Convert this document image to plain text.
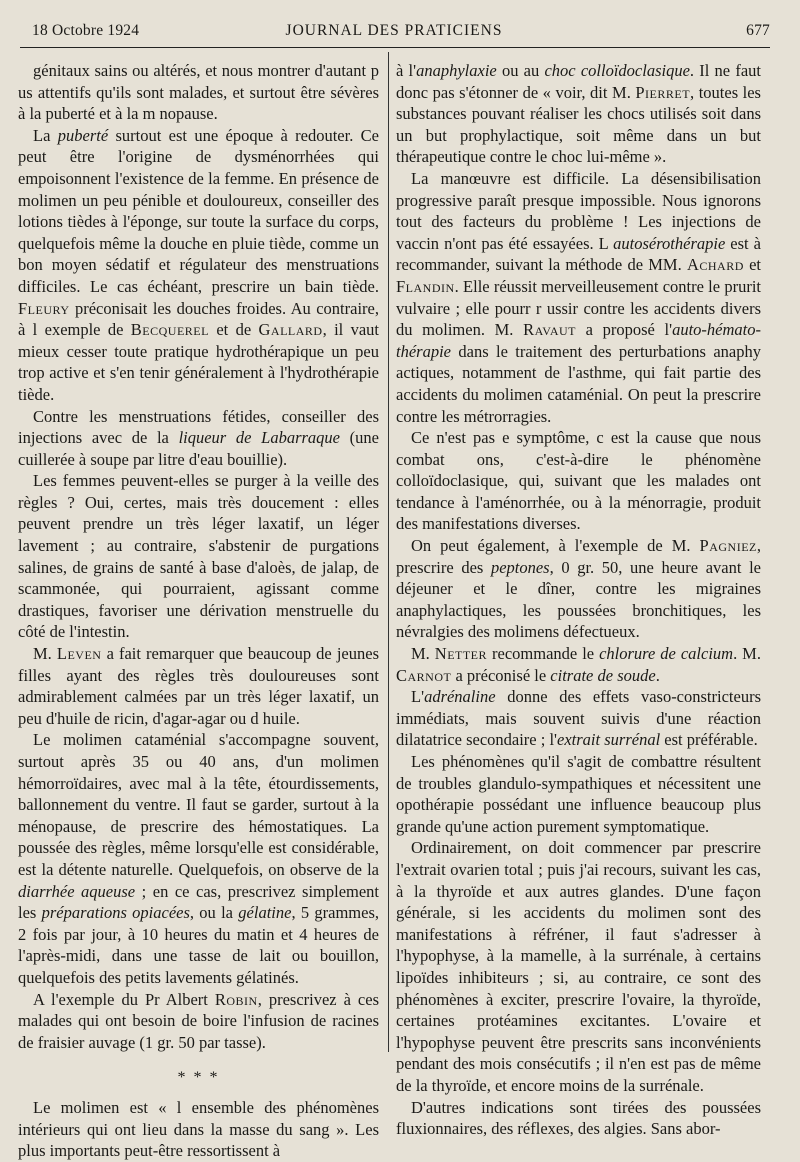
18 Octobre 1924	JOURNAL DES PRATICIENS	677

génitaux sains ou altérés, et nous montrer d'autant p us attentifs qu'ils sont malades, et surtout être sévères à la puberté et à la m nopause.

La puberté surtout est une époque à redouter. Ce peut être l'origine de dysménorrhées qui empoisonnent l'existence de la femme. En présence de molimen un peu pénible et douloureux, conseiller des lotions tièdes à l'éponge, sur toute la surface du corps, quelquefois même la douche en pluie tiède, comme un bon moyen sédatif et régulateur des menstruations difficiles. Le cas échéant, prescrire un bain tiède. Fleury préconisait les douches froides. Au contraire, à l exemple de Becquerel et de Gallard, il vaut mieux cesser toute pratique hydrothérapique un peu trop active et s'en tenir généralement à l'hydrothérapie tiède.

Contre les menstruations fétides, conseiller des injections avec de la liqueur de Labarraque (une cuillerée à soupe par litre d'eau bouillie).

Les femmes peuvent-elles se purger à la veille des règles ? Oui, certes, mais très doucement : elles peuvent prendre un très léger laxatif, un léger lavement ; au contraire, s'abstenir de purgations salines, de grains de santé à base d'aloès, de jalap, de scammonée, qui pourraient, agissant comme drastiques, favoriser une dérivation menstruelle du côté de l'intestin.

M. Leven a fait remarquer que beaucoup de jeunes filles ayant des règles très douloureuses sont admirablement calmées par un très léger laxatif, un peu d'huile de ricin, d'agar-agar ou d huile.

Le molimen cataménial s'accompagne souvent, surtout après 35 ou 40 ans, d'un molimen hémorroïdaires, avec mal à la tête, étourdissements, ballonnement du ventre. Il faut se garder, surtout à la ménopause, de prescrire des hémostatiques. La poussée des règles, même lorsqu'elle est considérable, est la détente naturelle. Quelquefois, on observe de la diarrhée aqueuse ; en ce cas, prescrivez simplement les préparations opiacées, ou la gélatine, 5 grammes, 2 fois par jour, à 10 heures du matin et 4 heures de l'après-midi, dans une tasse de lait ou bouillon, quelquefois des petits lavements gélatinés.

A l'exemple du Pr Albert Robin, prescrivez à ces malades qui ont besoin de boire l'infusion de racines de fraisier auvage (1 gr. 50 par tasse).

* * *

Le molimen est « l ensemble des phénomènes intérieurs qui ont lieu dans la masse du sang ». Les plus importants peut-être ressortissent à

à l'anaphylaxie ou au choc colloïdoclasique. Il ne faut donc pas s'étonner de « voir, dit M. Pierret, toutes les substances pouvant réaliser les chocs utilisés soit dans un but prophylactique, soit même dans un but thérapeutique contre le choc lui-même ».

La manœuvre est difficile. La désensibilisation progressive paraît presque impossible. Nous ignorons tout des facteurs du problème ! Les injections de vaccin n'ont pas été essayées. L autosérothérapie est à recommander, suivant la méthode de MM. Achard et Flandin. Elle réussit merveilleusement contre le prurit vulvaire ; elle pourr r ussir contre les accidents divers du molimen. M. Ravaut a proposé l'auto-hémato-thérapie dans le traitement des perturbations anaphy actiques, notamment de l'asthme, qui fait partie des accidents du molimen cataménial. On peut la prescrire contre les métrorragies.

Ce n'est pas e symptôme, c est la cause que nous combat ons, c'est-à-dire le phénomène colloïdoclasique, qui, suivant que les malades ont tendance à l'aménorrhée, ou à la ménorragie, produit des manifestations diverses.

On peut également, à l'exemple de M. Pagniez, prescrire des peptones, 0 gr. 50, une heure avant le déjeuner et le dîner, contre les migraines anaphylactiques, les poussées bronchitiques, les névralgies des molimens défectueux.

M. Netter recommande le chlorure de calcium. M. Carnot a préconisé le citrate de soude.

L'adrénaline donne des effets vaso-constricteurs immédiats, mais souvent suivis d'une réaction dilatatrice secondaire ; l'extrait surrénal est préférable.

Les phénomènes qu'il s'agit de combattre résultent de troubles glandulo-sympathiques et nécessitent une opothérapie possédant une influence beaucoup plus grande qu'une action purement symptomatique.

Ordinairement, on doit commencer par prescrire l'extrait ovarien total ; puis j'ai recours, suivant les cas, à la thyroïde et aux autres glandes. D'une façon générale, si les accidents du molimen sont des manifestations à réfréner, il faut s'adresser à l'hypophyse, à la mamelle, à la surrénale, à certains lipoïdes inhibiteurs ; si, au contraire, ce sont des phénomènes à exciter, prescrire l'ovaire, la thyroïde, certaines protéamines excitantes. L'ovaire et l'hypophyse peuvent être prescrits sans inconvénients pendant des mois consécutifs ; il n'en est pas de même de la thyroïde, et encore moins de la surrénale.

D'autres indications sont tirées des poussées fluxionnaires, des réflexes, des algies. Sans abor-
